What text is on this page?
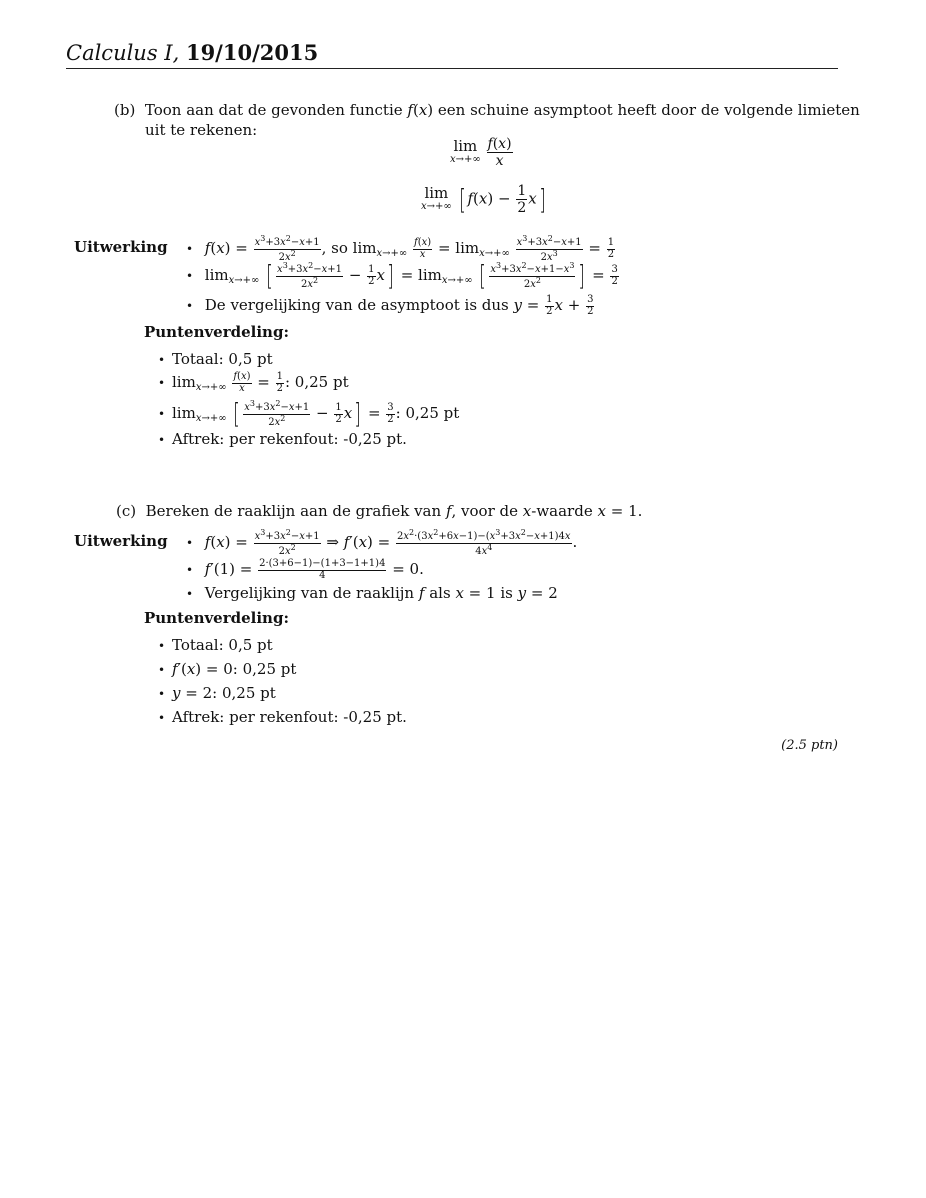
Calculus I, 19/10/2015
(b) Toon aan dat de gevonden functie f(x) een schuine asymptoot heeft door de volgende limieten
uit te rekenen:
lim
x→+∞
$\frac{f(x)}{x}$
lim
x→+∞ [ $f(x) - \frac{1}{2} x$]
Uitwerking •	$f(x) = \frac{x^3+3x^2-x+1}{2x^2}$ , so $\lim_{x\to+\infty} \frac{f(x)}{x} = \lim_{x\to+\infty} \frac{x^3+3x^2-x+1}{2x^3} = \frac{1}{2}$
• $\lim_{x\to+\infty}$ [ $\frac{x^3+3x^2-x+1}{2x^2} - \frac{1}{2} x] = \lim_{x\to+\infty}$ [ $\frac{x^3+3x^2-x+1-x^3}{2x^2}$ ] = $\frac{3}{2}$
• De vergelijking van de asymptoot is dus $y = \frac{1}{2}$ $x + \frac{3}{2}$
Puntenverdeling:
•Totaal: 0,5 pt
$•\lim_{x\to+\infty} \frac{f(x)}{x} = \frac{1}{2}$ : 0,25 pt
$•\lim_{x\to+\infty}$ [ $\frac{x^3+3x^2-x+1}{2x^2} - \frac{1}{2} x] = \frac{3}{2}$ : 0,25 pt
•Aftrek: per rekenfout: -0,25 pt.
(c) Bereken de raaklijn aan de grafiek van f, voor de x-waarde x = 1.
Uitwerking •	$f(x) = \frac{x^3+3x^2-x+1}{2x^2}$ ⇒ $f'(x) = \frac{2x^2\cdot(3x^2+6x-1)-(x^3+3x^2-x+1)4x}{4x^4}$ .
• $f'(1) = \frac{2\cdot(3+6-1)-(1+3-1+1)4}{4} = 0$.
• Vergelijking van de raaklijn f als x = 1 is y = 2
Puntenverdeling:
•Totaal: 0,5 pt
•f′(x) = 0: 0,25 pt
•y = 2: 0,25 pt
•Aftrek: per rekenfout: -0,25 pt.
(2.5 ptn)
